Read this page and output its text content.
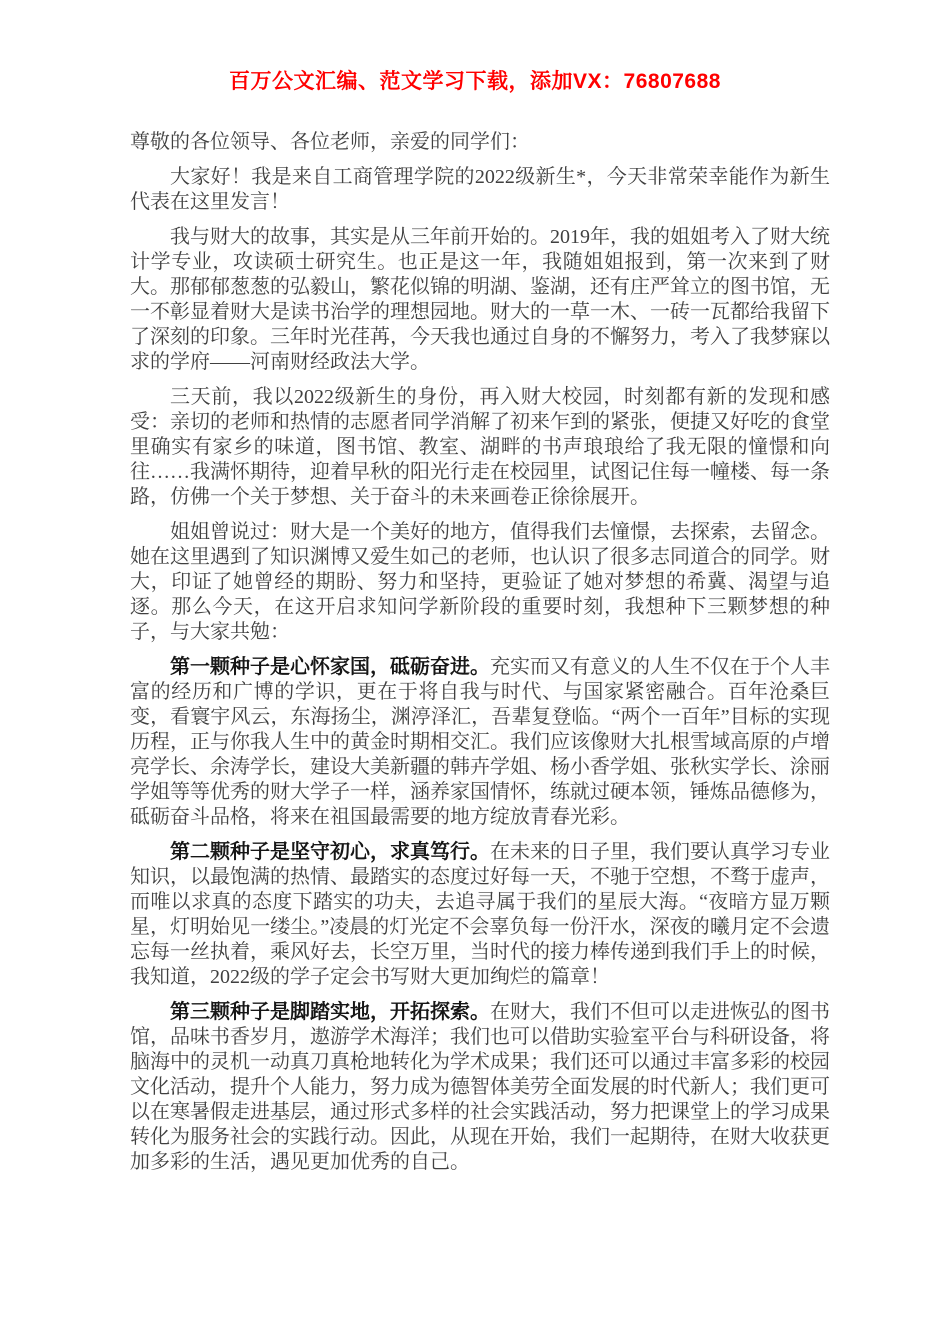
百万公文汇编、范文学习下载，添加VX：76807688

尊敬的各位领导、各位老师，亲爱的同学们：

大家好！我是来自工商管理学院的2022级新生*，今天非常荣幸能作为新生代表在这里发言！

我与财大的故事，其实是从三年前开始的。2019年，我的姐姐考入了财大统计学专业，攻读硕士研究生。也正是这一年，我随姐姐报到，第一次来到了财大。那郁郁葱葱的弘毅山，繁花似锦的明湖、鉴湖，还有庄严耸立的图书馆，无一不彰显着财大是读书治学的理想园地。财大的一草一木、一砖一瓦都给我留下了深刻的印象。三年时光荏苒，今天我也通过自身的不懈努力，考入了我梦寐以求的学府——河南财经政法大学。

三天前，我以2022级新生的身份，再入财大校园，时刻都有新的发现和感受：亲切的老师和热情的志愿者同学消解了初来乍到的紧张，便捷又好吃的食堂里确实有家乡的味道，图书馆、教室、湖畔的书声琅琅给了我无限的憧憬和向往……我满怀期待，迎着早秋的阳光行走在校园里，试图记住每一幢楼、每一条路，仿佛一个关于梦想、关于奋斗的未来画卷正徐徐展开。

姐姐曾说过：财大是一个美好的地方，值得我们去憧憬，去探索，去留念。她在这里遇到了知识渊博又爱生如己的老师，也认识了很多志同道合的同学。财大，印证了她曾经的期盼、努力和坚持，更验证了她对梦想的希冀、渴望与追逐。那么今天，在这开启求知问学新阶段的重要时刻，我想种下三颗梦想的种子，与大家共勉：

第一颗种子是心怀家国，砥砺奋进。充实而又有意义的人生不仅在于个人丰富的经历和广博的学识，更在于将自我与时代、与国家紧密融合。百年沧桑巨变，看寰宇风云，东海扬尘，渊渟泽汇，吾辈复登临。“两个一百年”目标的实现历程，正与你我人生中的黄金时期相交汇。我们应该像财大扎根雪域高原的卢增亮学长、余涛学长，建设大美新疆的韩卉学姐、杨小香学姐、张秋实学长、涂丽学姐等等优秀的财大学子一样，涵养家国情怀，练就过硬本领，锤炼品德修为，砥砺奋斗品格，将来在祖国最需要的地方绽放青春光彩。

第二颗种子是坚守初心，求真笃行。在未来的日子里，我们要认真学习专业知识，以最饱满的热情、最踏实的态度过好每一天，不驰于空想，不骛于虚声，而唯以求真的态度下踏实的功夫，去追寻属于我们的星辰大海。“夜暗方显万颗星，灯明始见一缕尘。”凌晨的灯光定不会辜负每一份汗水，深夜的曦月定不会遗忘每一丝执着，乘风好去，长空万里，当时代的接力棒传递到我们手上的时候，我知道，2022级的学子定会书写财大更加绚烂的篇章！

第三颗种子是脚踏实地，开拓探索。在财大，我们不但可以走进恢弘的图书馆，品味书香岁月，遨游学术海洋；我们也可以借助实验室平台与科研设备，将脑海中的灵机一动真刀真枪地转化为学术成果；我们还可以通过丰富多彩的校园文化活动，提升个人能力，努力成为德智体美劳全面发展的时代新人；我们更可以在寒暑假走进基层，通过形式多样的社会实践活动，努力把课堂上的学习成果转化为服务社会的实践行动。因此，从现在开始，我们一起期待，在财大收获更加多彩的生活，遇见更加优秀的自己。
